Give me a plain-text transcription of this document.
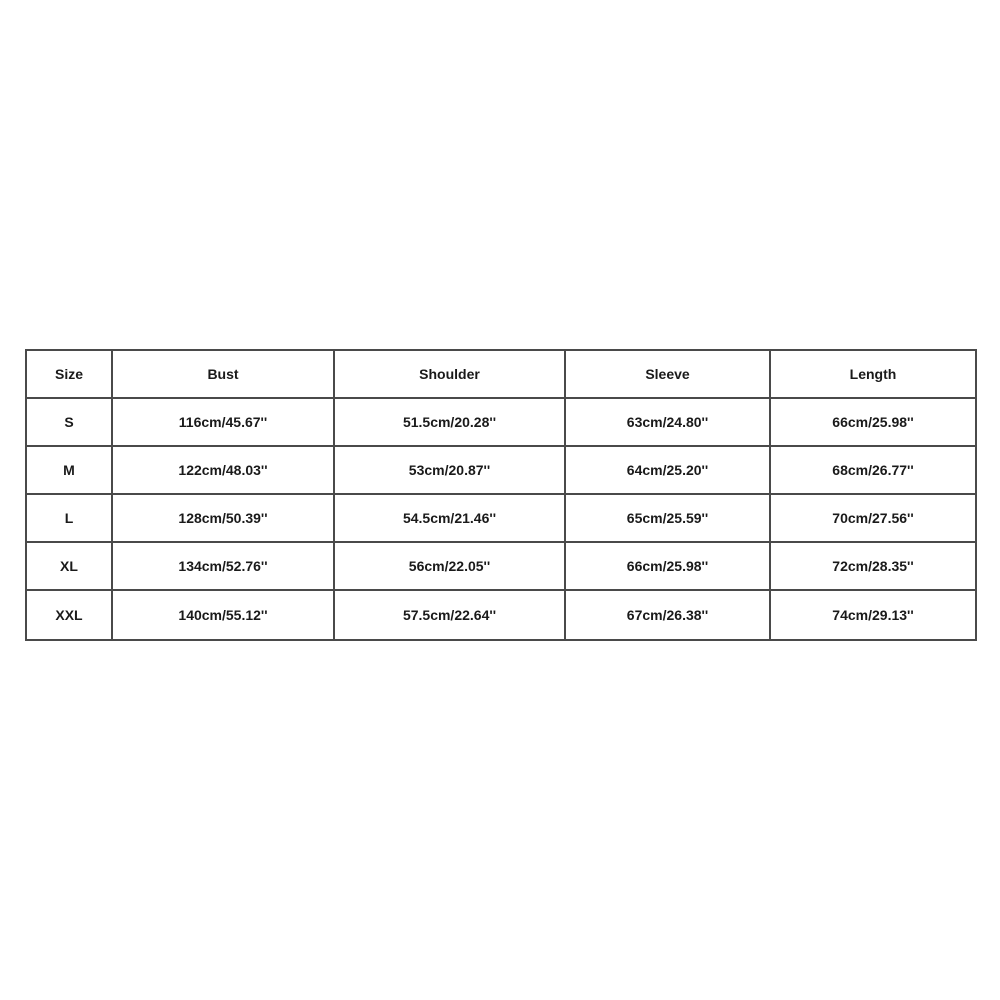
Size	Bust	Shoulder	Sleeve	Length
S	116cm/45.67''	51.5cm/20.28''	63cm/24.80''	66cm/25.98''
M	122cm/48.03''	53cm/20.87''	64cm/25.20''	68cm/26.77''
L	128cm/50.39''	54.5cm/21.46''	65cm/25.59''	70cm/27.56''
XL	134cm/52.76''	56cm/22.05''	66cm/25.98''	72cm/28.35''
XXL	140cm/55.12''	57.5cm/22.64''	67cm/26.38''	74cm/29.13''
